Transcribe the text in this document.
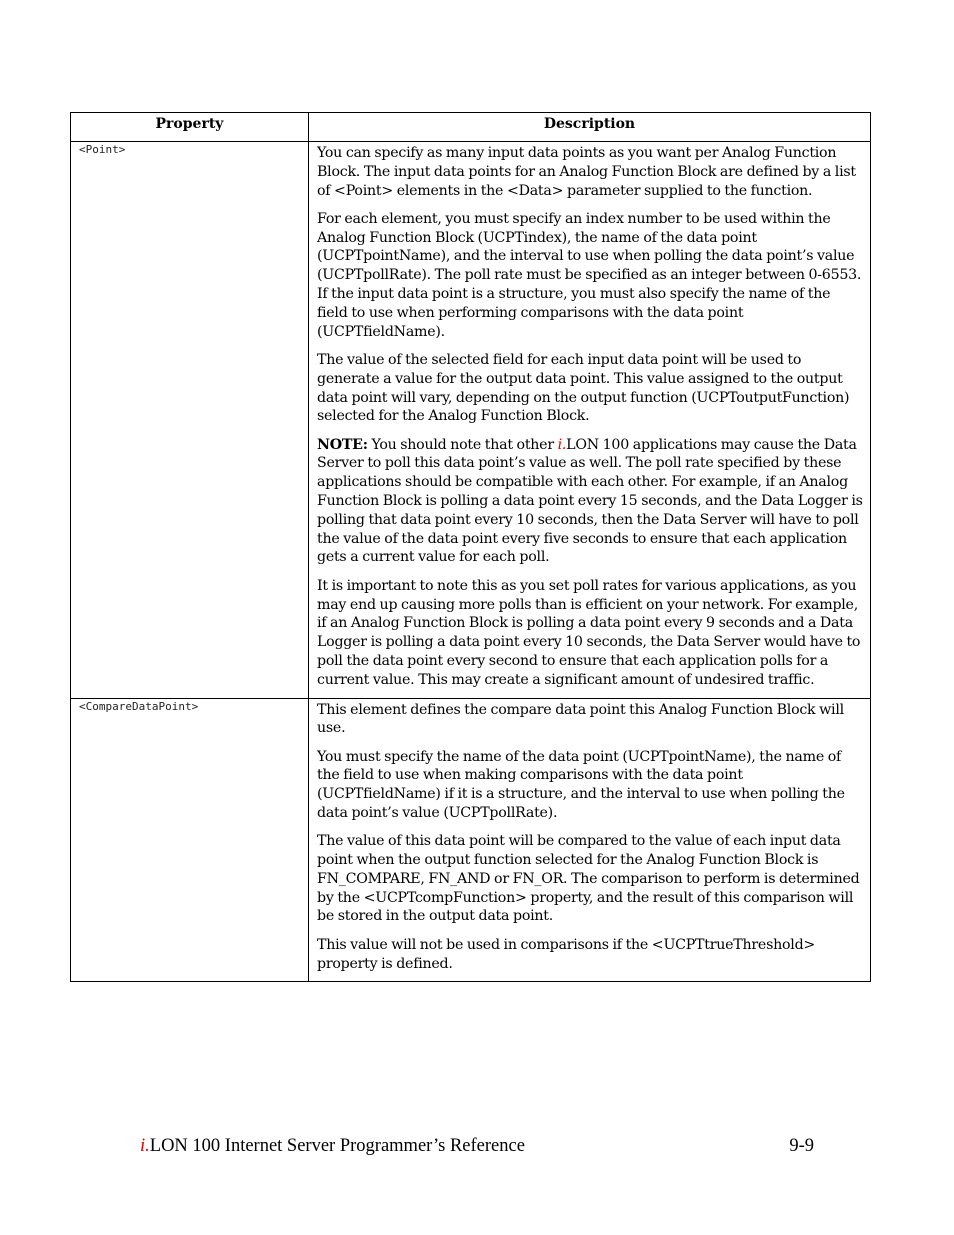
Property	Description
<Point>	You can specify as many input data points as you want per Analog Function Block. The input data points for an Analog Function Block are defined by a list of <Point> elements in the <Data> parameter supplied to the function.

For each element, you must specify an index number to be used within the Analog Function Block (UCPTindex), the name of the data point (UCPTpointName), and the interval to use when polling the data point’s value (UCPTpollRate). The poll rate must be specified as an integer between 0-6553. If the input data point is a structure, you must also specify the name of the field to use when performing comparisons with the data point (UCPTfieldName).

The value of the selected field for each input data point will be used to generate a value for the output data point. This value assigned to the output data point will vary, depending on the output function (UCPToutputFunction) selected for the Analog Function Block.

NOTE: You should note that other i.LON 100 applications may cause the Data Server to poll this data point’s value as well. The poll rate specified by these applications should be compatible with each other. For example, if an Analog Function Block is polling a data point every 15 seconds, and the Data Logger is polling that data point every 10 seconds, then the Data Server will have to poll the value of the data point every five seconds to ensure that each application gets a current value for each poll.

It is important to note this as you set poll rates for various applications, as you may end up causing more polls than is efficient on your network. For example, if an Analog Function Block is polling a data point every 9 seconds and a Data Logger is polling a data point every 10 seconds, the Data Server would have to poll the data point every second to ensure that each application polls for a current value. This may create a significant amount of undesired traffic.

<CompareDataPoint>	This element defines the compare data point this Analog Function Block will use.

You must specify the name of the data point (UCPTpointName), the name of the field to use when making comparisons with the data point (UCPTfieldName) if it is a structure, and the interval to use when polling the data point’s value (UCPTpollRate).

The value of this data point will be compared to the value of each input data point when the output function selected for the Analog Function Block is FN_COMPARE, FN_AND or FN_OR. The comparison to perform is determined by the <UCPTcompFunction> property, and the result of this comparison will be stored in the output data point.

This value will not be used in comparisons if the <UCPTtrueThreshold> property is defined.

i.LON 100 Internet Server Programmer’s Reference	9-9
